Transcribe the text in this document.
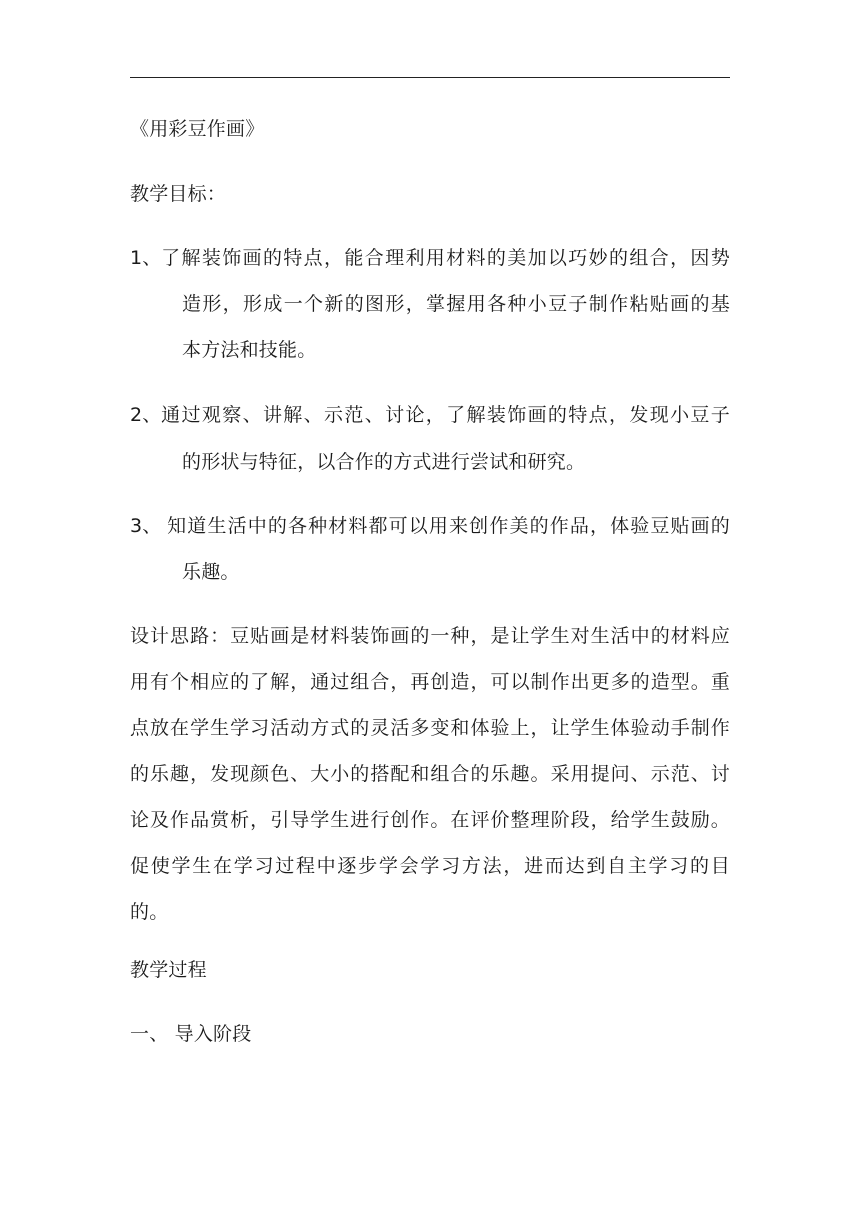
《用彩豆作画》
教学目标：
1、了解装饰画的特点，能合理利用材料的美加以巧妙的组合，因势
造形，形成一个新的图形，掌握用各种小豆子制作粘贴画的基
本方法和技能。
2、通过观察、讲解、示范、讨论，了解装饰画的特点，发现小豆子
的形状与特征，以合作的方式进行尝试和研究。
3、 知道生活中的各种材料都可以用来创作美的作品，体验豆贴画的
乐趣。
设计思路：豆贴画是材料装饰画的一种，是让学生对生活中的材料应
用有个相应的了解，通过组合，再创造，可以制作出更多的造型。重
点放在学生学习活动方式的灵活多变和体验上，让学生体验动手制作
的乐趣，发现颜色、大小的搭配和组合的乐趣。采用提问、示范、讨
论及作品赏析，引导学生进行创作。在评价整理阶段，给学生鼓励。
促使学生在学习过程中逐步学会学习方法，进而达到自主学习的目
的。
教学过程
一、 导入阶段
